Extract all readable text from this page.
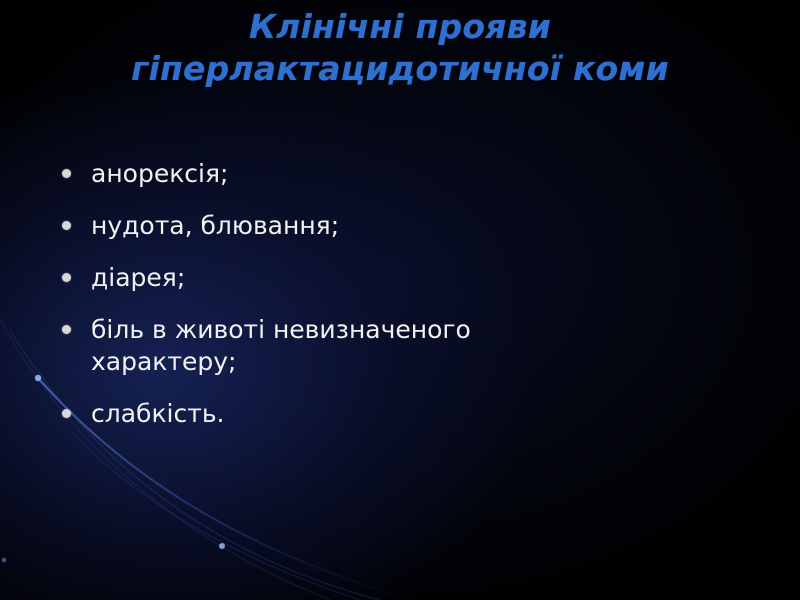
Клінічні прояви
гіперлактацидотичної коми
анорексія;
нудота, блювання;
діарея;
біль в животі невизначеного характеру;
слабкість.
